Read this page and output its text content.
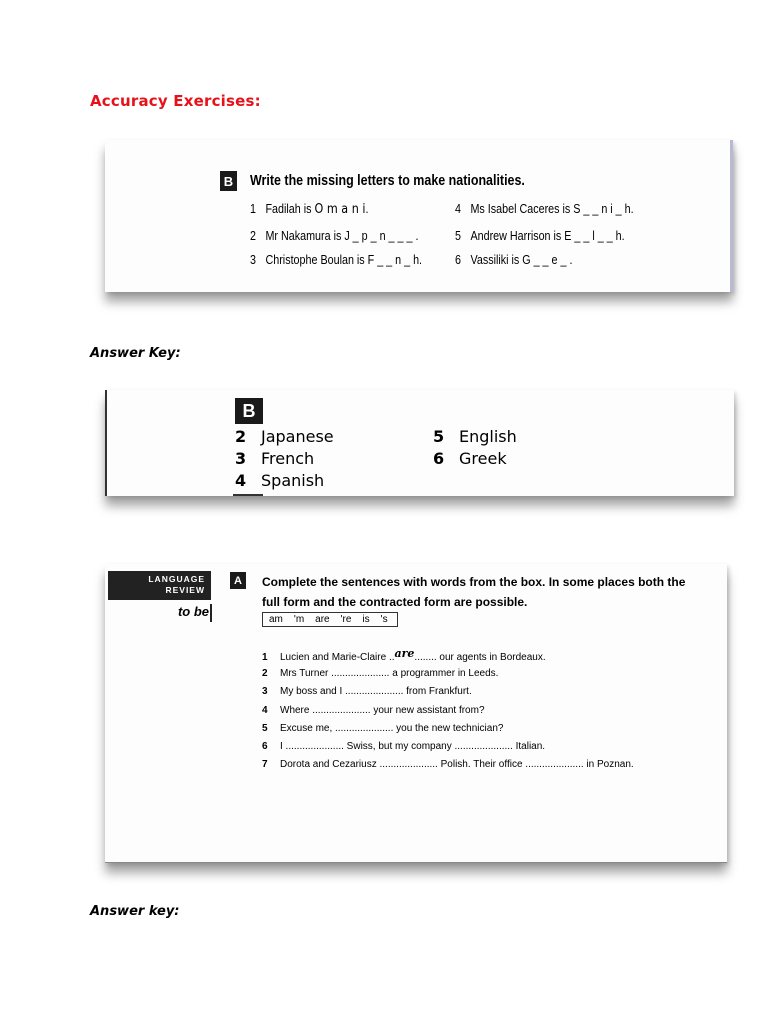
Accuracy Exercises:
B Write the missing letters to make nationalities.
1 Fadilah is O m a n i.
2 Mr Nakamura is J _ p _ n _ _ _ .
3 Christophe Boulan is F _ _ n _ h.
4 Ms Isabel Caceres is S _ _ n i _ h.
5 Andrew Harrison is E _ _ l _ _ h.
6 Vassiliki is G _ _ e _ .
Answer Key:
B
2 Japanese
3 French
4 Spanish
5 English
6 Greek
LANGUAGE
REVIEW
to be
A	Complete the sentences with words from the box. In some places both the full form and the contracted form are possible.
am 'm are 're is 's
1 Lucien and Marie-Claire ..are........ our agents in Bordeaux.
2 Mrs Turner ..................... a programmer in Leeds.
3 My boss and I ..................... from Frankfurt.
4 Where ..................... your new assistant from?
5 Excuse me, ..................... you the new technician?
6 I ..................... Swiss, but my company ..................... Italian.
7 Dorota and Cezariusz ..................... Polish. Their office ..................... in Poznan.
Answer key:
